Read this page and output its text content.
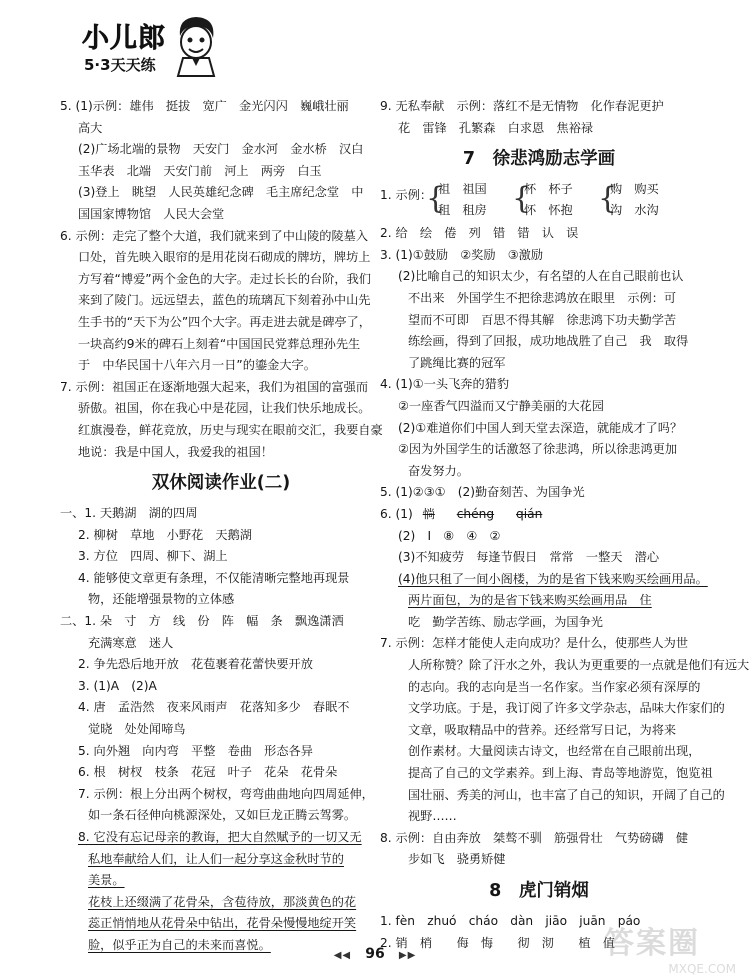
小儿郎
5·3天天练
5. (1)示例：雄伟　挺拔　宽广　金光闪闪　巍峨壮丽
高大
(2)广场北端的景物　天安门　金水河　金水桥　汉白
玉华表　北端　天安门前　河上　两旁　白玉
(3)登上　眺望　人民英雄纪念碑　毛主席纪念堂　中
国国家博物馆　人民大会堂
6. 示例：走完了整个大道，我们就来到了中山陵的陵墓入
口处，首先映入眼帘的是用花岗石砌成的牌坊，牌坊上
方写着“博爱”两个金色的大字。走过长长的台阶，我们
来到了陵门。远远望去，蓝色的琉璃瓦下刻着孙中山先
生手书的“天下为公”四个大字。再走进去就是碑亭了，
一块高约9米的碑石上刻着“中国国民党葬总理孙先生
于　中华民国十八年六月一日”的鎏金大字。
7. 示例：祖国正在逐渐地强大起来，我们为祖国的富强而
骄傲。祖国，你在我心中是花园，让我们快乐地成长。
红旗漫卷，鲜花竞放，历史与现实在眼前交汇，我要自豪
地说：我是中国人，我爱我的祖国！
双休阅读作业(二)
一、1. 天鹅湖　湖的四周
2. 柳树　草地　小野花　天鹅湖
3. 方位　四周、柳下、湖上
4. 能够使文章更有条理，不仅能清晰完整地再现景
物，还能增强景物的立体感
二、1. 朵　寸　方　线　份　阵　幅　条　飘逸潇洒
充满寒意　迷人
2. 争先恐后地开放　花苞裹着花蕾快要开放
3. (1)A　(2)A
4. 唐　孟浩然　夜来风雨声　花落知多少　春眠不
觉晓　处处闻啼鸟
5. 向外翘　向内弯　平整　卷曲　形态各异
6. 根　树杈　枝条　花冠　叶子　花朵　花骨朵
7. 示例：根上分出两个树杈，弯弯曲曲地向四周延伸，
如一条石径伸向桃源深处，又如巨龙正腾云驾雾。
8. 它没有忘记母亲的教诲，把大自然赋予的一切又无
私地奉献给人们，让人们一起分享这金秋时节的
美景。
花枝上还缀满了花骨朵，含苞待放，那淡黄色的花
蕊正悄悄地从花骨朵中钻出，花骨朵慢慢地绽开笑
脸，似乎正为自己的未来而喜悦。
9. 无私奉献　示例：落红不是无情物　化作春泥更护
花　雷锋　孔繁森　白求恩　焦裕禄
7　徐悲鸿励志学画
1. 示例：
{
祖　祖国
租　租房 {
杯　杯子
怀　怀抱 {
购　购买
沟　水沟
2. 给　绘　倦　列　错　错　认　误
3. (1)①鼓励　②奖励　③激励
(2)比喻自己的知识太少，有名望的人在自己眼前也认
不出来　外国学生不把徐悲鸿放在眼里　示例：可
望而不可即　百思不得其解　徐悲鸿下功夫勤学苦
练绘画，得到了回报，成功地战胜了自己　我　取得
了跳绳比赛的冠军
4. (1)①一头飞奔的猎豹
②一座香气四溢而又宁静美丽的大花园
(2)①难道你们中国人到天堂去深造，就能成才了吗？
②因为外国学生的话激怒了徐悲鸿，所以徐悲鸿更加
奋发努力。
5. (1)②③①　(2)勤奋刻苦、为国争光
6. (1) 惝 chéng qián
(2)　Ⅰ　⑧　④　②
(3)不知疲劳　每逢节假日　常常　一整天　潜心
(4)他只租了一间小阁楼，为的是省下钱来购买绘画用品。
两片面包，为的是省下钱来购买绘画用品　住
吃　勤学苦练、励志学画，为国争光
7. 示例：怎样才能使人走向成功？是什么，使那些人为世
人所称赞？除了汗水之外，我认为更重要的一点就是他们有远大
的志向。我的志向是当一名作家。当作家必须有深厚的
文学功底。于是，我订阅了许多文学杂志，品味大作家们的
文章，吸取精品中的营养。还经常写日记，为将来
创作素材。大量阅读古诗文，也经常在自己眼前出现，
提高了自己的文学素养。到上海、青岛等地游览，饱览祖
国壮丽、秀美的河山，也丰富了自己的知识，开阔了自己的
视野……
8. 示例：自由奔放　桀骜不驯　筋强骨壮　气势磅礴　健
步如飞　骁勇矫健
8　虎门销烟
1. fèn　zhuó　cháo　dàn　jiāo　juān　páo
2. 销　梢　　侮　悔　　彻　沏　　植　值
◀◀ 96 ▶▶	答案圈
MXQE.COM
